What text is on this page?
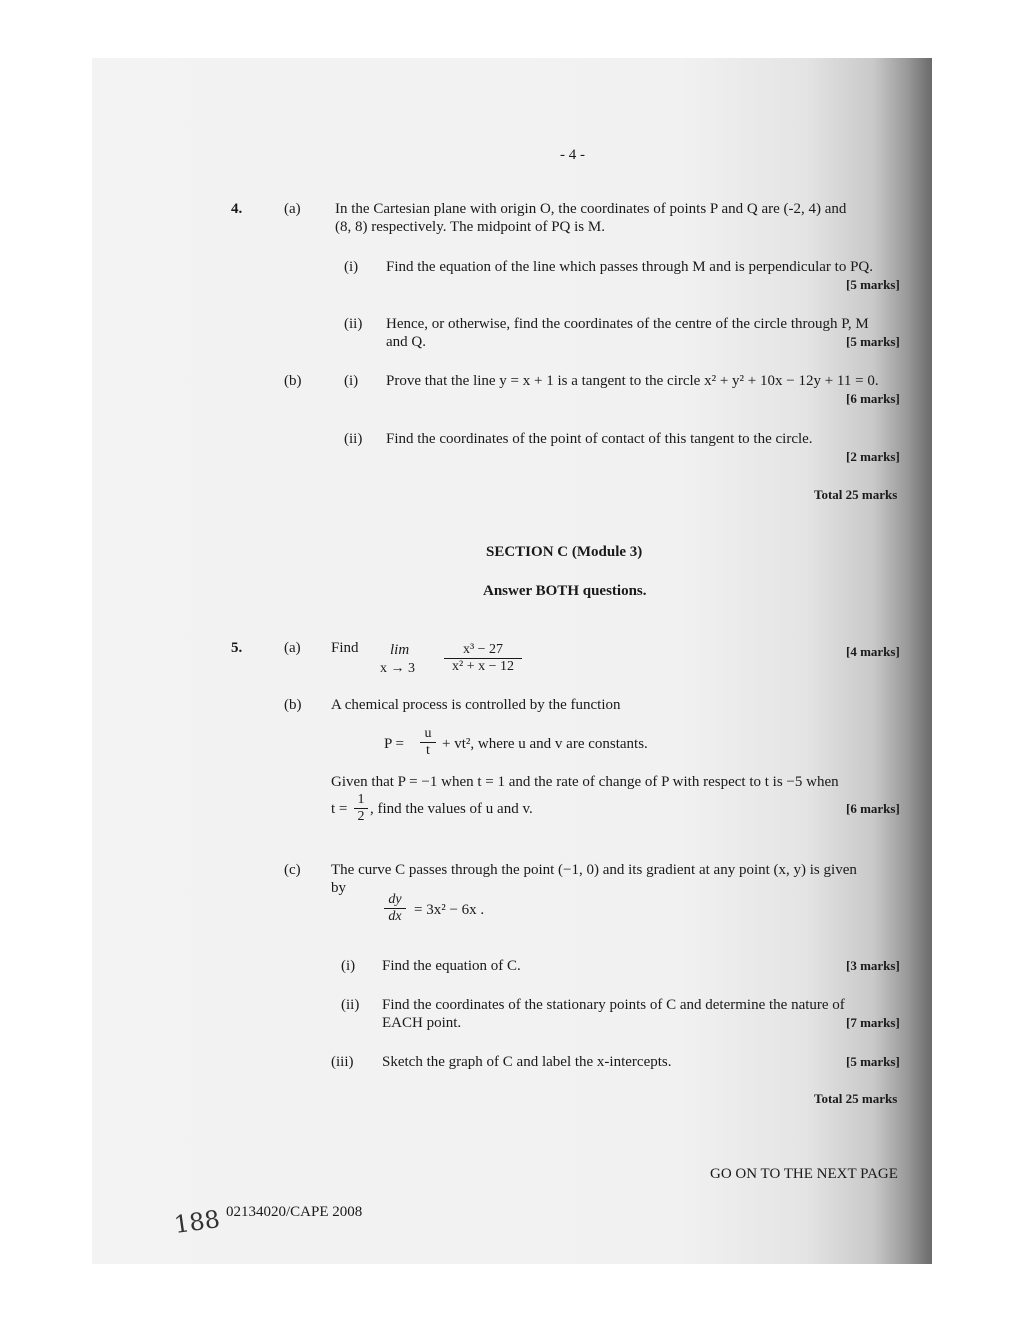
- 4 -
4.	(a) In the Cartesian plane with origin O, the coordinates of points P and Q are (-2, 4) and
(8, 8) respectively. The midpoint of PQ is M.
(i) Find the equation of the line which passes through M and is perpendicular to PQ.
[5 marks]
(ii) Hence, or otherwise, find the coordinates of the centre of the circle through P, M
and Q.	[5 marks]
(b)	(i) Prove that the line y = x + 1 is a tangent to the circle x² + y² + 10x − 12y + 11 = 0.
[6 marks]
(ii) Find the coordinates of the point of contact of this tangent to the circle.
[2 marks]
Total 25 marks
SECTION C (Module 3)
Answer BOTH questions.
5.	(a) Find lim
$x \to 3 \frac{\text{x³ − 27}}{\text{x² + x − 12}}$	[4 marks]
(b) A chemical process is controlled by the function
$P = \frac{u}{t} + vt^2$, where u and v are constants.
Given that P = −1 when t = 1 and the rate of change of P with respect to t is −5 when
$t = \frac{1}{2}$ , find the values of u and v.	[6 marks]
(c) The curve C passes through the point (−1, 0) and its gradient at any point (x, y) is given
by
$\frac{dy}{dx} = 3x^2 - 6x$ .
(i) Find the equation of C.	[3 marks]
(ii) Find the coordinates of the stationary points of C and determine the nature of
EACH point.	[7 marks]
(iii) Sketch the graph of C and label the x-intercepts.	[5 marks]
Total 25 marks
GO ON TO THE NEXT PAGE
02134020/CAPE 2008
188
